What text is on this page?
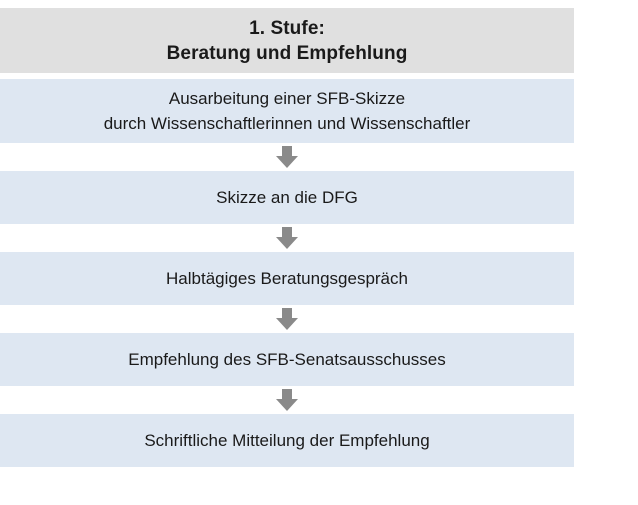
1. Stufe:
Beratung und Empfehlung
Ausarbeitung einer SFB-Skizze
durch Wissenschaftlerinnen und Wissenschaftler
Skizze an die DFG
Halbtägiges Beratungsgespräch
Empfehlung des SFB-Senatsausschusses
Schriftliche Mitteilung der Empfehlung
